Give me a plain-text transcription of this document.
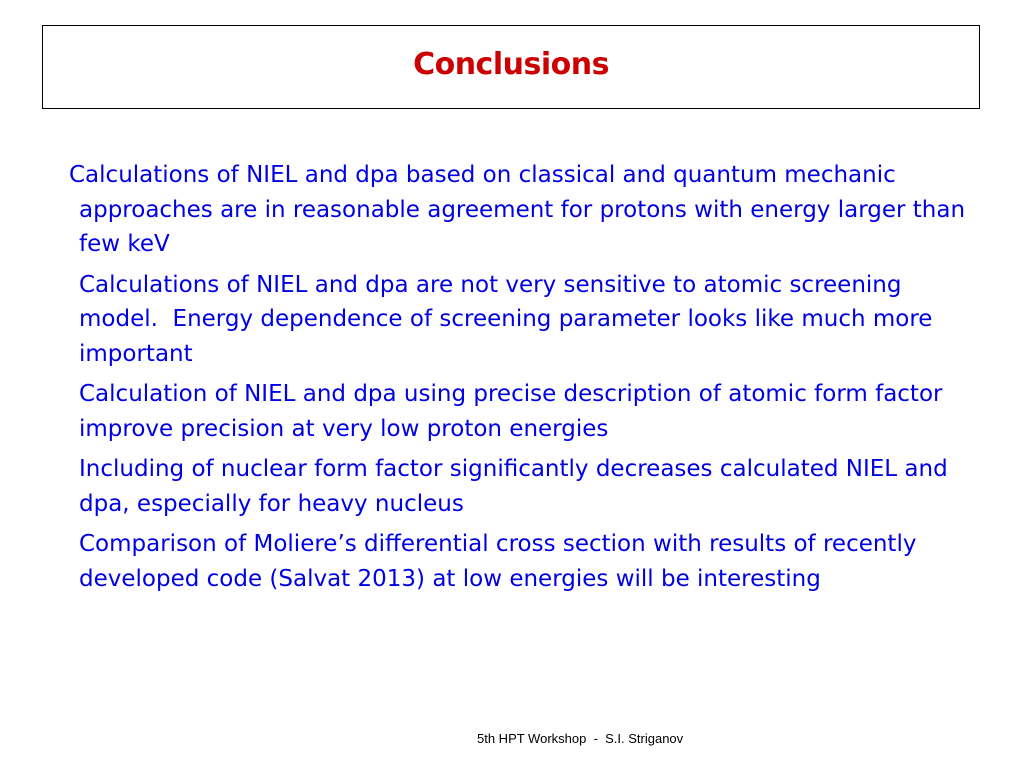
Conclusions

Calculations of NIEL and dpa based on classical and quantum mechanic approaches are in reasonable agreement for protons with energy larger than  few keV

Calculations of NIEL and dpa are not very sensitive to atomic screening model.  Energy dependence of screening parameter looks like much more important

Calculation of NIEL and dpa using precise description of atomic form factor improve precision at very low proton energies

Including of nuclear form factor significantly decreases calculated NIEL and dpa, especially for heavy nucleus

Comparison of Moliere’s differential cross section with results of recently developed code (Salvat 2013) at low energies will be interesting

5th HPT Workshop  -  S.I. Striganov
